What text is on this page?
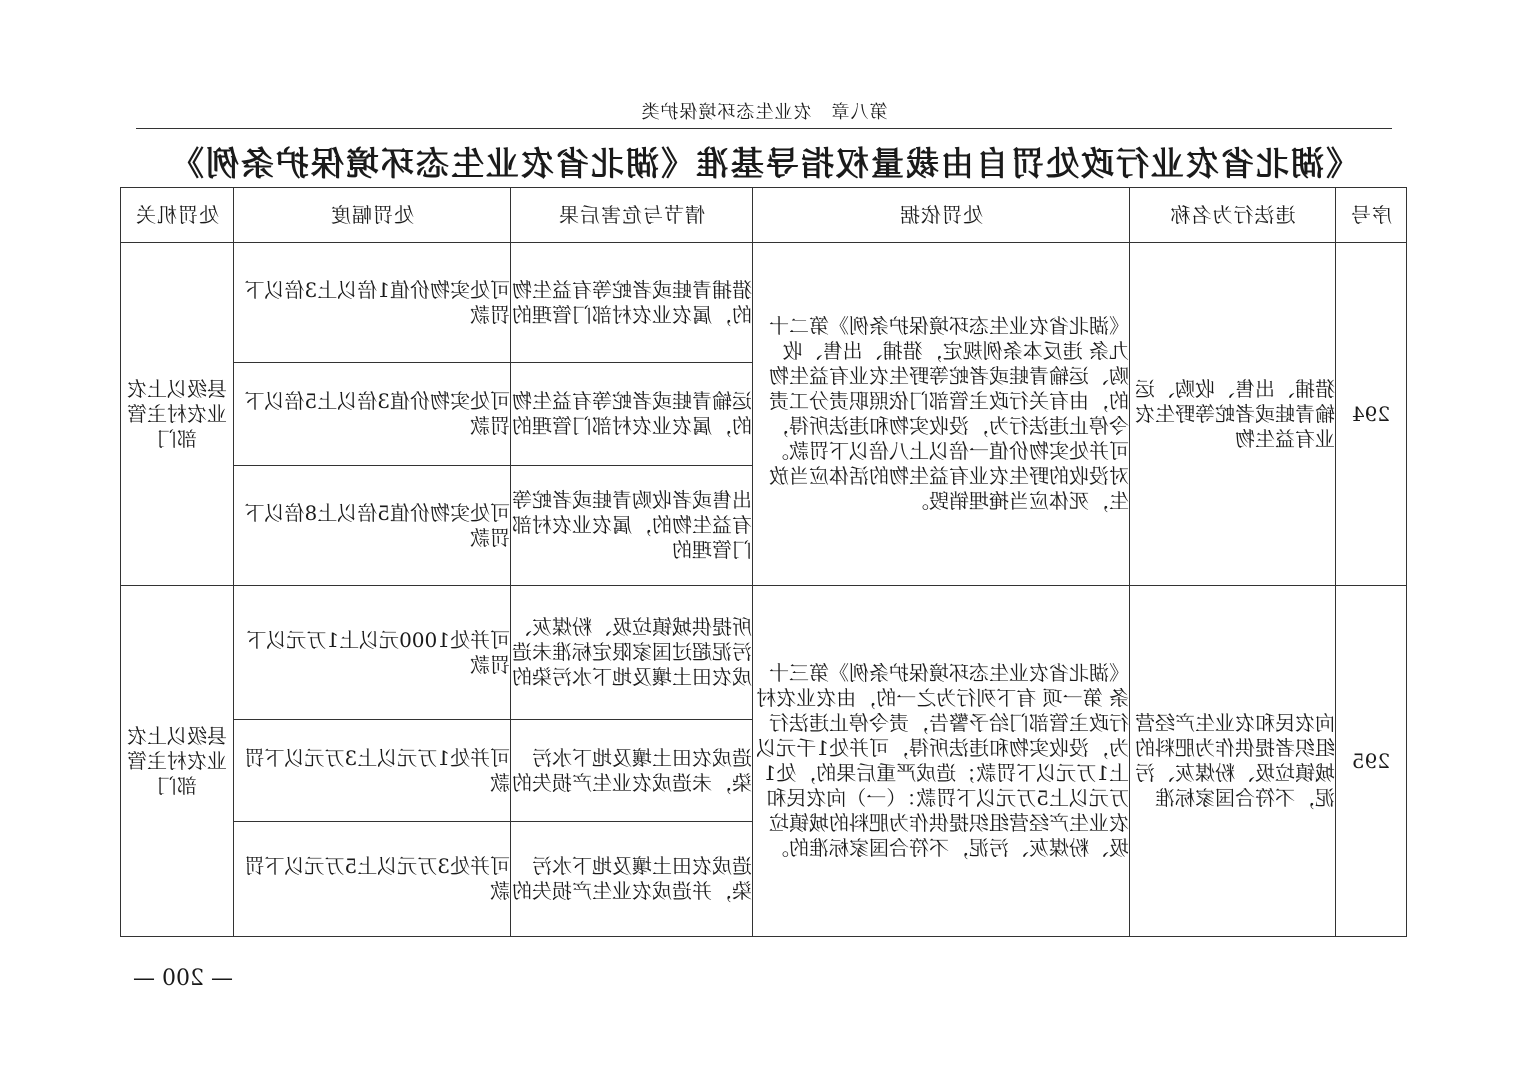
第八章　农业生态环境保护类
《湖北省农业行政处罚自由裁量权指导基准《湖北省农业生态环境保护条例》
序号	违法行为名称	处罚依据	情节与危害后果	处罚幅度	处罚机关
294	猎捕、出售、收购、运输青蛙或者蛇等野生农业有益生物	《湖北省农业生态环境保护条例》第二十九条 违反本条例规定，猎捕、出售、收购、运输青蛙或者蛇等野生农业有益生物的，由有关行政主管部门依照职责分工责令停止违法行为，没收实物和违法所得，可并处实物价值一倍以上八倍以下罚款。对没收的野生农业有益生物的活体应当放生，死体应当掩埋销毁。	猎捕青蛙或者蛇等有益生物的，属农业农村部门管理的	可处实物价值1倍以上3倍以下罚款	县级以上农业农村主管部门
			运输青蛙或者蛇等有益生物的，属农业农村部门管理的	可处实物价值3倍以上5倍以下罚款	
			出售或者收购青蛙或者蛇等有益生物的，属农业农村部门管理的	可处实物价值5倍以上8倍以下罚款	
295	向农民和农业生产经营组织者提供作为肥料的城镇垃圾、粉煤灰、污泥，不符合国家标准	《湖北省农业生态环境保护条例》第三十条 第一项 有下列行为之一的，由农业农村行政主管部门给予警告，责令停止违法行为，没收实物和违法所得，可并处1千元以上1万元以下罚款；造成严重后果的，处1万元以上5万元以下罚款：（一）向农民和农业生产经营组织提供作为肥料的城镇垃圾、粉煤灰、污泥，不符合国家标准的。	所提供城镇垃圾、粉煤灰、污泥超过国家限定标准未造成农田土壤及地下水污染的	可并处1000元以上1万元以下罚款	县级以上农业农村主管部门
			造成农田土壤及地下水污染，未造成农业生产损失的	可并处1万元以上3万元以下罚款	
			造成农田土壤及地下水污染，并造成农业生产损失的	可并处3万元以上5万元以下罚款	
— 200 —
